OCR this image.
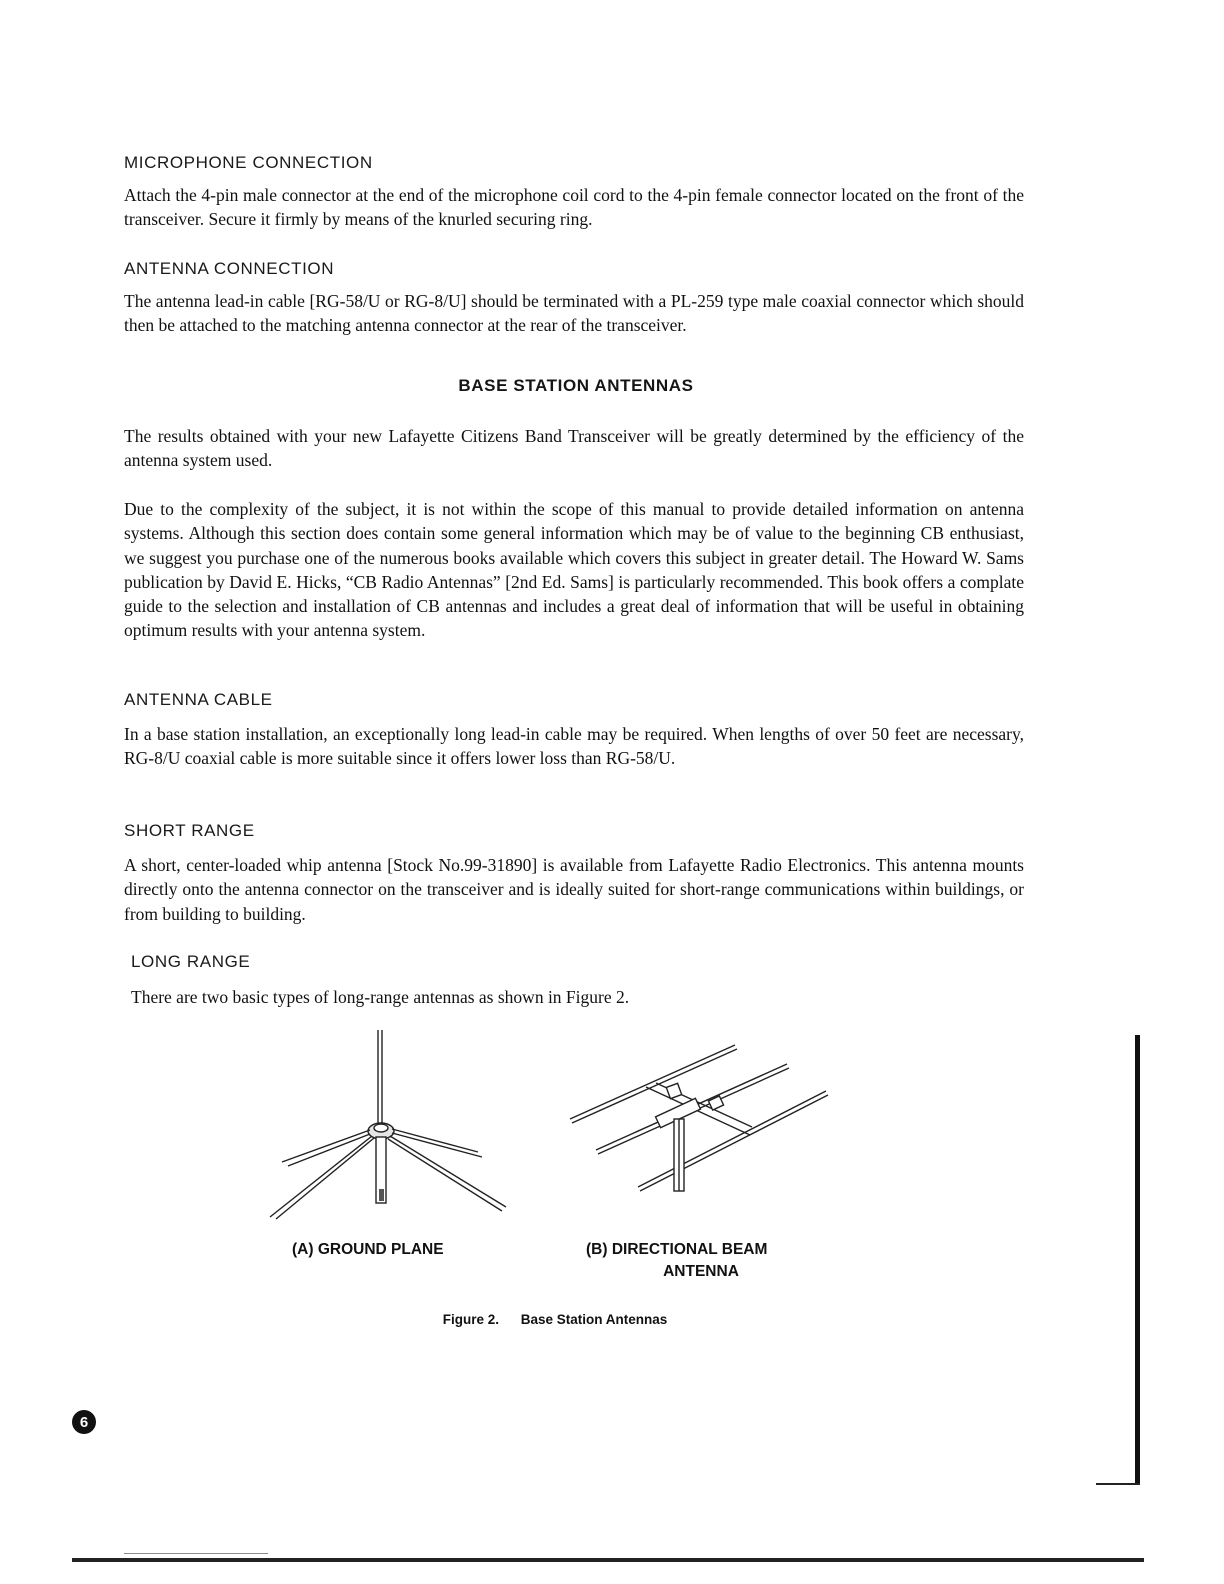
MICROPHONE CONNECTION

Attach the 4-pin male connector at the end of the microphone coil cord to the 4-pin female connector located on the front of the transceiver. Secure it firmly by means of the knurled securing ring.

ANTENNA CONNECTION

The antenna lead-in cable [RG-58/U or RG-8/U] should be terminated with a PL-259 type male coaxial connector which should then be attached to the matching antenna connector at the rear of the transceiver.

BASE STATION ANTENNAS

The results obtained with your new Lafayette Citizens Band Transceiver will be greatly determined by the efficiency of the antenna system used.

Due to the complexity of the subject, it is not within the scope of this manual to provide detailed information on antenna systems. Although this section does contain some general information which may be of value to the beginning CB enthusiast, we suggest you purchase one of the numerous books available which covers this subject in greater detail. The Howard W. Sams publication by David E. Hicks, “CB Radio Antennas” [2nd Ed. Sams] is particularly recommended. This book offers a complate guide to the selection and installation of CB antennas and includes a great deal of information that will be useful in obtaining optimum results with your antenna system.

ANTENNA CABLE

In a base station installation, an exceptionally long lead-in cable may be required. When lengths of over 50 feet are necessary, RG-8/U coaxial cable is more suitable since it offers lower loss than RG-58/U.

SHORT RANGE

A short, center-loaded whip antenna [Stock No.99-31890] is available from Lafayette Radio Electronics. This antenna mounts directly onto the antenna connector on the transceiver and is ideally suited for short-range communications within buildings, or from building to building.

LONG RANGE

There are two basic types of long-range antennas as shown in Figure 2.

(A) GROUND PLANE	(B) DIRECTIONAL BEAM
ANTENNA
Figure 2. Base Station Antennas
6
